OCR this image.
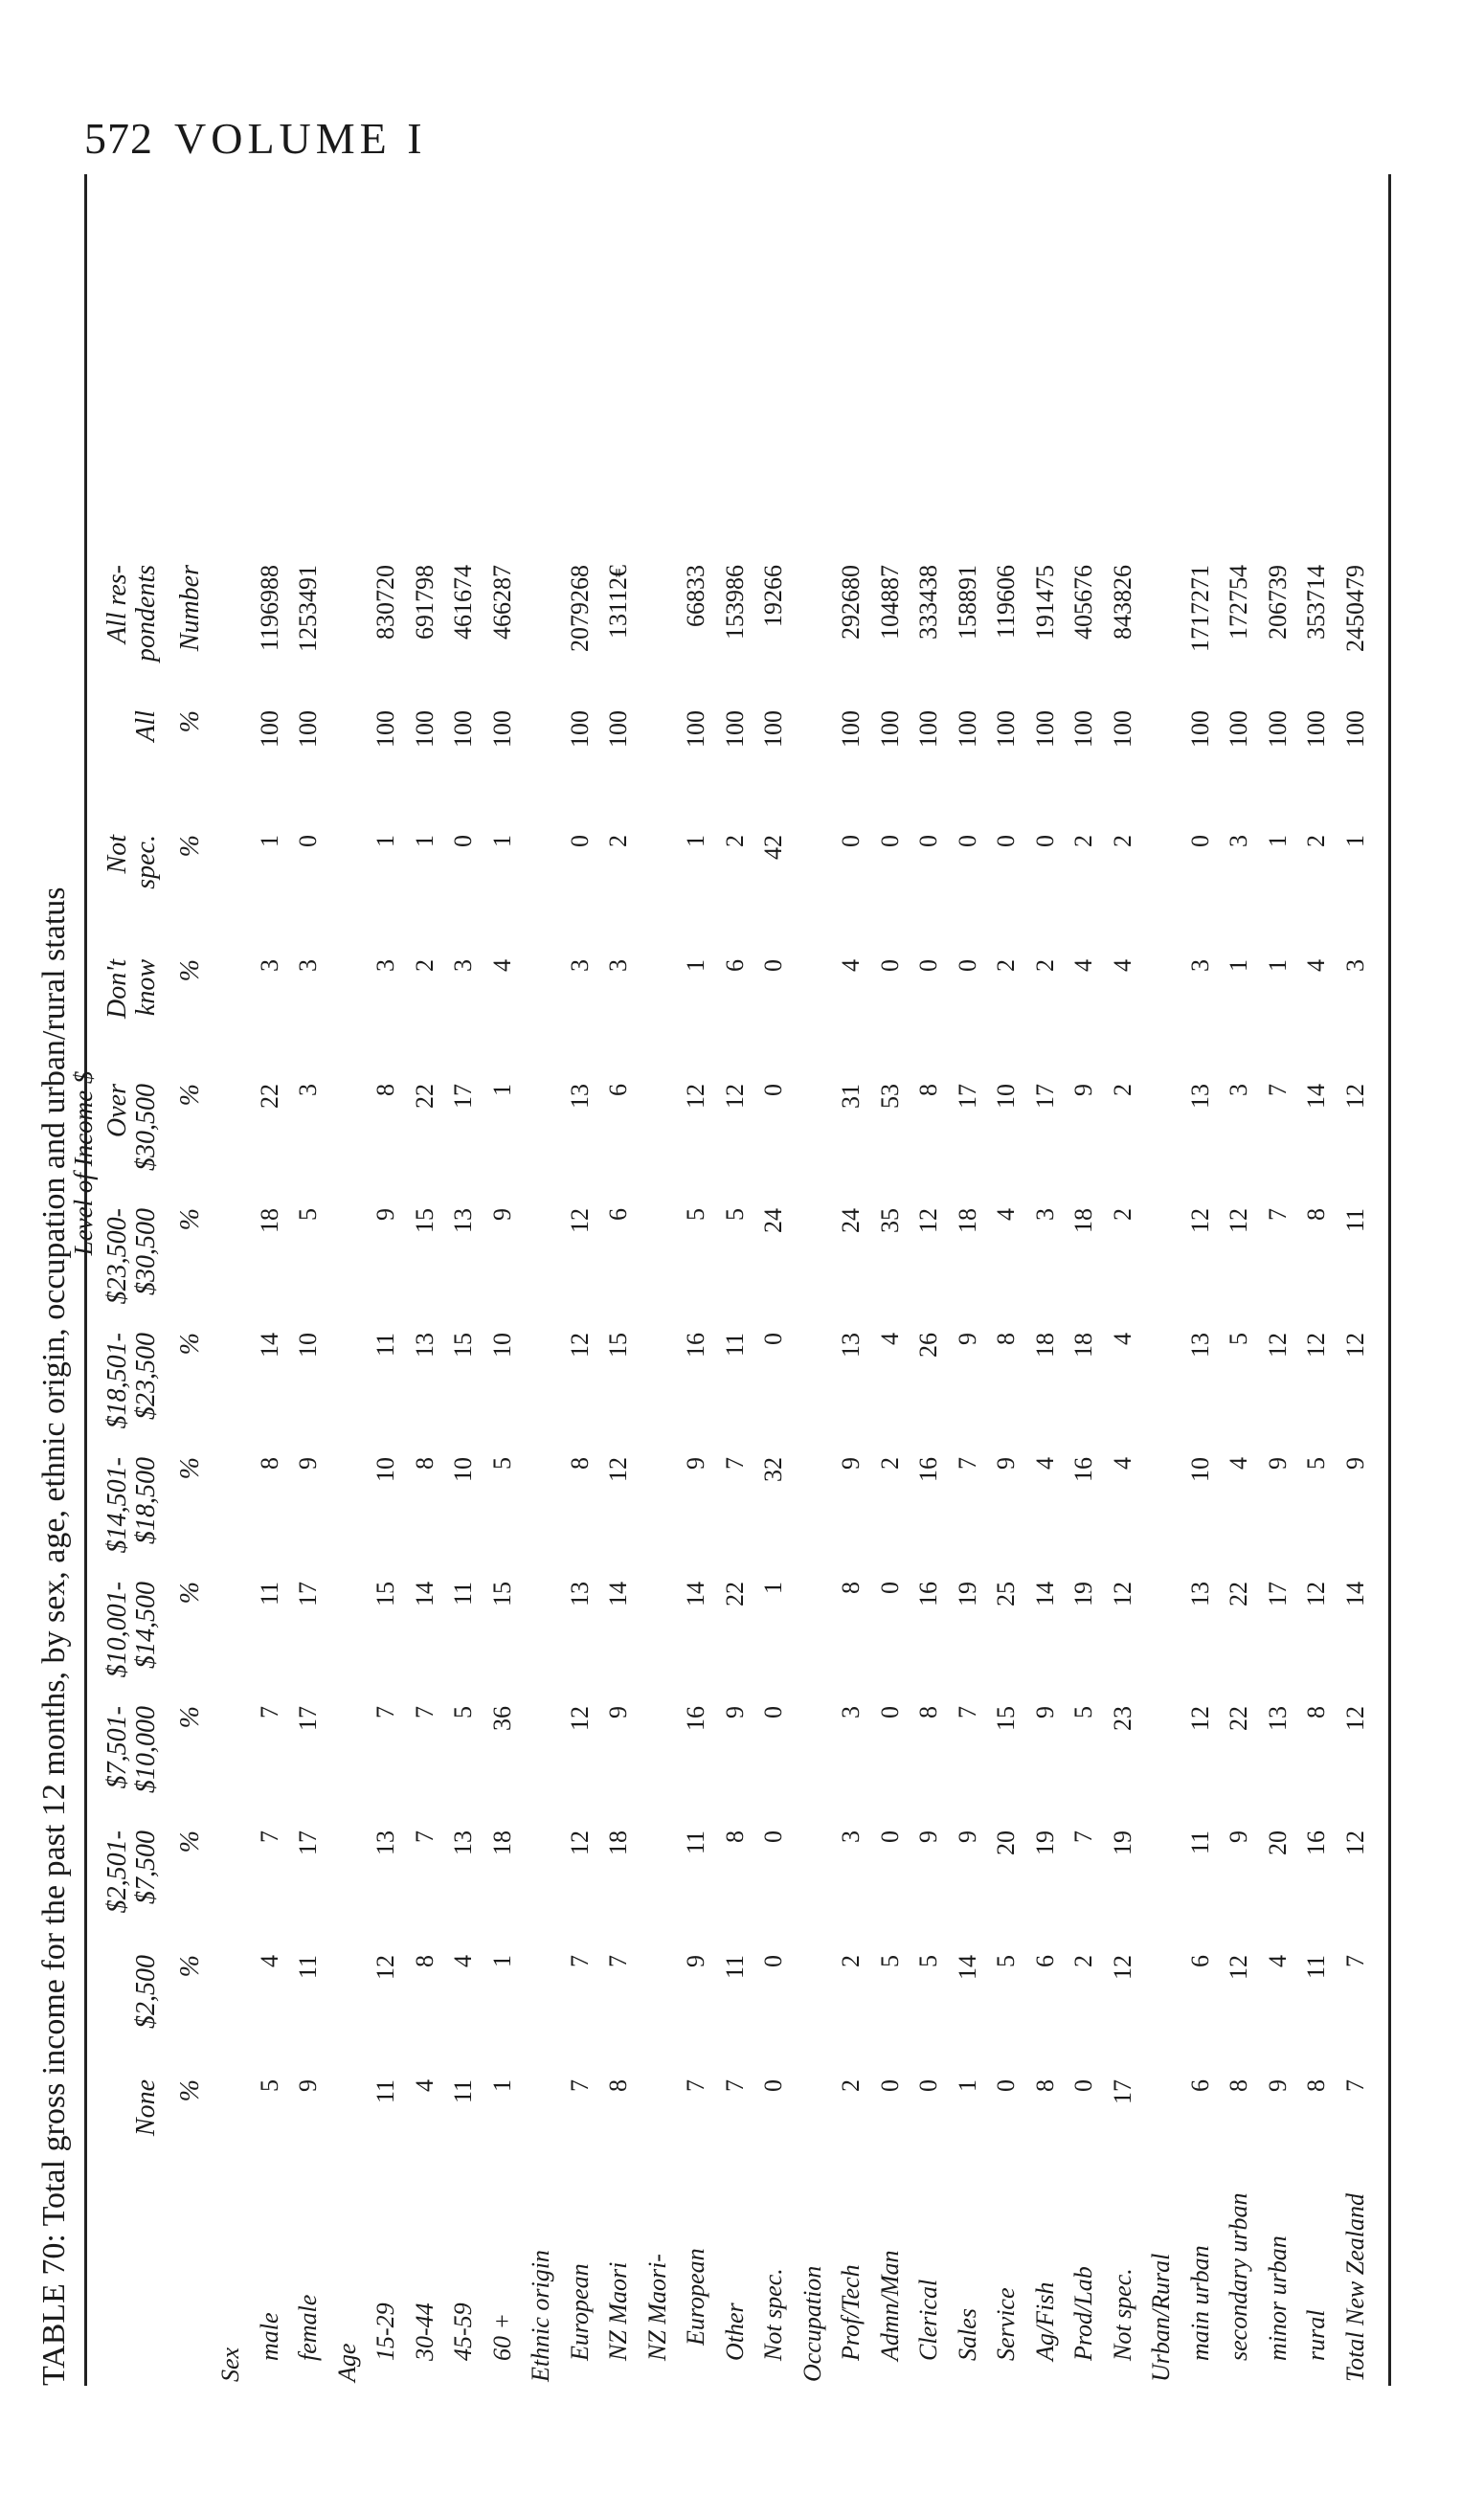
572 VOLUME I
TABLE 70: Total gross income for the past 12 months, by sex, age, ethnic origin, occupation and urban/rural status
Level of Income $
None %
$2,500 %
$2,501- $7,500 %
$7,501- $10,000 %
$10,001- $14,500 %
$14,501- $18,500 %
$18,501- $23,500 %
$23,500- $30,500 %
Over $30,500 %
Don't know %
Not spec. %
All %
All res- pondents Number
Sex
male
5
4
7
7
11
8
14
18
22
3
1
100
1196988
female
9
11
17
17
17
9
10
5
3
3
0
100
1253491
Age
15-29
11
12
13
7
15
10
11
9
8
3
1
100
830720
30-44
4
8
7
7
14
8
13
15
22
2
1
100
691798
45-59
11
4
13
5
11
10
15
13
17
3
0
100
461674
60 +
1
1
18
36
15
5
10
9
1
4
1
100
466287
Ethnic origin European
7
7
12
12
13
8
12
12
13
3
0
100
2079268
NZ Maori
8
7
18
9
14
12
15
6
6
3
2
100
13112€
NZ Maori- European
7
9
11
16
14
9
16
5
12
1
1
100
66833
Other
7
11
8
9
22
7
11
5
12
6
2
100
153986
Not spec.
0
0
0
0
1
32
0
24
0
0
42
100
19266
Occupation Prof/Tech
2
2
3
3
8
9
13
24
31
4
0
100
292680
Admn/Man
0
5
0
0
0
2
4
35
53
0
0
100
104887
Clerical
0
5
9
8
16
16
26
12
8
0
0
100
333438
Sales
1
14
9
7
19
7
9
18
17
0
0
100
158891
Service
0
5
20
15
25
9
8
4
10
2
0
100
119606
Ag/Fish
8
6
19
9
14
4
18
3
17
2
0
100
191475
Prod/Lab
0
2
7
5
19
16
18
18
9
4
2
100
405676
Not spec.
17
12
19
23
12
4
4
2
2
4
2
100
843826
Urban/Rural main urban
6
6
11
12
13
10
13
12
13
3
0
100
1717271
secondary urban
8
12
9
22
22
4
5
12
3
1
3
100
172754
minor urban
9
4
20
13
17
9
12
7
7
1
1
100
206739
rural
8
11
16
8
12
5
12
8
14
4
2
100
353714
Total New Zealand
7
7
12
12
14
9
12
11
12
3
1
100
2450479
